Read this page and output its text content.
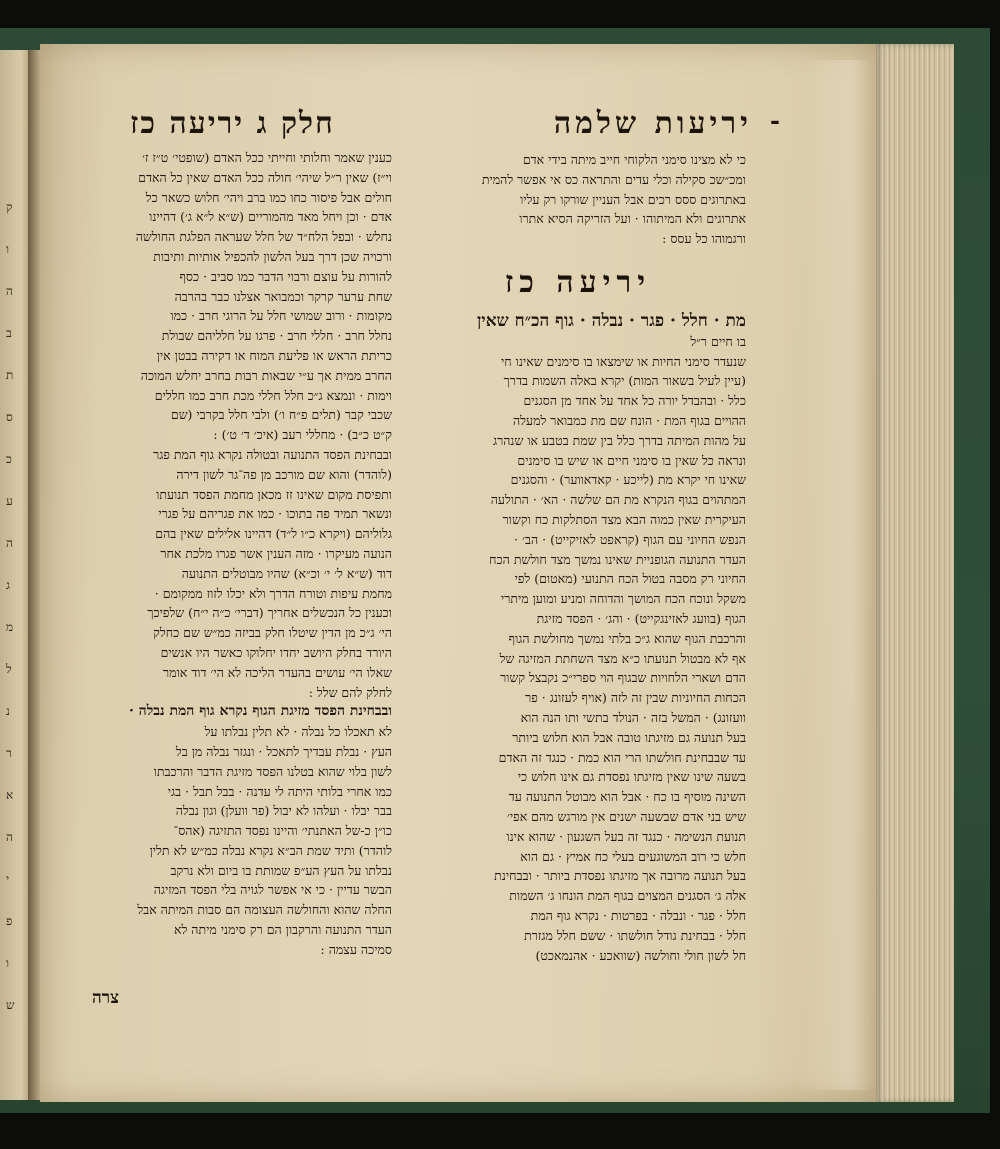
ק
ו
ה
ב
ת
ס
כ
ע
ה
ג
מ
ל
נ
ר
א
ה
י
פ
ו
ש
-
יריעות שלמה
חלק ג יריעה כז

כי לא מצינו סימני הלקוחי חייב מיתה בידי אדם

ומכ״שכ סקילה וכלי עדים והתראה כס אי אפשר להמית

באתרוגים ססס רכים אבל העניין שורקו רק עליו

אתרוגים ולא המיתוהו · ועל הזריקה הסיא אתרו

ורגמוהו כל עסס :

יריעה כז

מת · חלל · פגר · נבלה · גוף הכ״ח שאין

בו חיים ר״ל

שנעדר סימני החיות או שימצאו בו סימנים שאינו חי

(עיין לעיל בשאור המות) יקרא באלה השמות בדרך

כלל · ובהבדל יורה כל אחד על אחד מן הסגנים

ההויים בגוף המת · הונח שם מת כמבואר למעלה

על מהות המיתה בדרך כלל בין שמת בטבע או שנהרג

ונראה כל שאין בו סימני חיים או שיש בו סימנים

שאינו חי יקרא מת (לייכע · קאדאווער) · והסגנים

המתהוים בגוף הנקרא מת הם שלשה · הא׳ · התולעה

העיקרית שאין כמוה הבא מצד הסתלקות כח וקשור

הנפש החיוני עם הגוף (קראפט לאזיקייט) · הב׳ ·

העדר התנועה הגופניית שאינו נמשך מצד חולשת הכח

החיוני רק מסבה בטול הכח התנועי (מאטום) לפי

משקל ונוכח הכח המושך והדוחה ומניע ומוען מיתרי

הגוף (בוועג לאזינגקייט) · והג׳ · הפסד מזיגת

והרכבת הגוף שהוא ג״כ בלתי נמשך מחולשת הגוף

אף לא מבטול תנועתו כ״א מצד השחתת המזיגה של

הדם ושארי הלחויות שבגוף הוי ספרי״כ נקבצל קשור

הכחות החיוניות שבין זה לזה (אויף לעזונג · פר

וועזונג) · המשל בזה · הנולד בתשי ותו הנה הוא

בעל תנועה גם מזיגתו טובה אבל הוא חלוש ביותר

עד שבבחינת חולשתו הרי הוא כמת · כנגד זה האדם

בשעה שינו שאין מזיגתו נפסדת גם אינו חלוש כי

השינה מוסיף בו כח · אבל הוא מבוטל התנועה עד

שיש בני אדם שבשעה ישנים אין מורגש מהם אפי׳

תנועת הנשימה · כנגד זה בעל השגעון · שהוא אינו

חלש כי רוב המשוגעים בעלי כח אמיץ · גם הוא

בעל תנועה מרובה אך מזיגתו נפסדת ביותר · ובבחינת

אלה ג׳ הסגנים המצוים בגוף המת הונחו ג׳ השמות

חלל · פגר · ונבלה · בפרטות · נקרא גוף המת

חלל · בבחינת גודל חולשתו · ששם חלל מגזרת

חל לשון חולי וחולשה (שוואכע · אהנמאכט)

כענין שאמר וחלותי וחייתי ככל האדם (שופטי׳ ט״ז ז׳

וי״ז) שאין ר״ל שיהי׳ חולה ככל האדם שאין כל האדם

חולים אבל פיסור כחו כמו ברב ויהי׳ חלוש כשאר כל

אדם · וכן ויחל מאד מהמוריים (ש״א ל״א ג׳) דהיינו

נחלש · ובפל הלח״ד של חלל שעראה הפלגת החולשה

ורכויה שכן דרך בעל הלשון להכפיל אותיות ותיבות

להורות על עוצם ורבוי הדבר כמו סביב · כסף

שחת ערער קרקר וכמבואר אצלנו כבר בהרבה

מקומות · ורוב שמושי חלל על הרוגי חרב · כמו

נחלל חרב · חללי חרב · פרגו על חלליהם שבולת

כריתת הראש או פליעת המוח או דקירה בבטן אין

החרב ממית אך ע״י שבאות רבות בחרב יחלש המוכה

וימות · ונמצא ג״כ חלל חללי מכת חרב כמו חללים

שכבי קבר (תלים פ״ח ו׳) ולבי חלל בקרבי (שם

ק״ט כ״ב) · מחללי רעב (איכ׳ ד׳ ט׳) :

ובבחינת הפסד התנועה ובטולה נקרא גוף המת פגר

(לוהדר) והוא שם מורכב מן פה־גר לשון דירה

ותפיסת מקום שאינו זז מכאן מחמת הפסד תנועתו

ונשאר תמיד פה בתוכו · כמו את פגריהם על פגרי

גלוליהם (ויקרא כ״ו ל״ד) דהיינו אלילים שאין בהם

הנועה מעיקרו · מזה הענין אשר פגרו מלכת אחר

דוד (ש״א ל׳ י׳ וכ״א) שהיו מבוטלים התנועה

מחמת עיפות וטורח הדרך ולא יכלו לזוז ממקומם ·

וכענין כל הנכשלים אחריך (דברי׳ כ״ה י״ח) שלפיכך

הי׳ ג״כ מן הדין שיטלו חלק בביזה כמ״ש שם כחלק

היורד בחלק היושב יחדו יחלוקו כאשר היו אנשים

שאלו הי׳ עושים בהעדר הליכה לא הי׳ דוד אומר

לחלק להם שלל :

ובבחינת הפסד מזיגת הגוף נקרא גוף המת נבלה ·

לא תאכלו כל נבלה · לא תלין נבלתו על

העץ · נבלת עבדיך לתאכל · ונגזר נבלה מן בל

לשון בלוי שהוא בטלנו הפסד מזיגת הדבר והרכבתו

כמו אחרי בלותי היתה לי עדנה · בבל תבל · בגי

בבר יבלו · ועלהו לא יבול (פר וועלן) וגון נבלה

כו״ן כ-של האתנתי׳ והיינו נפסד התזיגה (אהס־

לוהדר) ותיד שמת הב״א נקרא נבלה כמ״ש לא תלין

נבלתו על העץ הע״פ שמותת בו ביום ולא נרקב

הבשר עדיין · כי אי אפשר לגויה בלי הפסד המזיגה

החלה שהוא והחולשה העצומה הם סבות המיתה אבל

העדר התנועה והרקבון הם רק סימני מיתה לא

סמיכה עצמה :

צרה
